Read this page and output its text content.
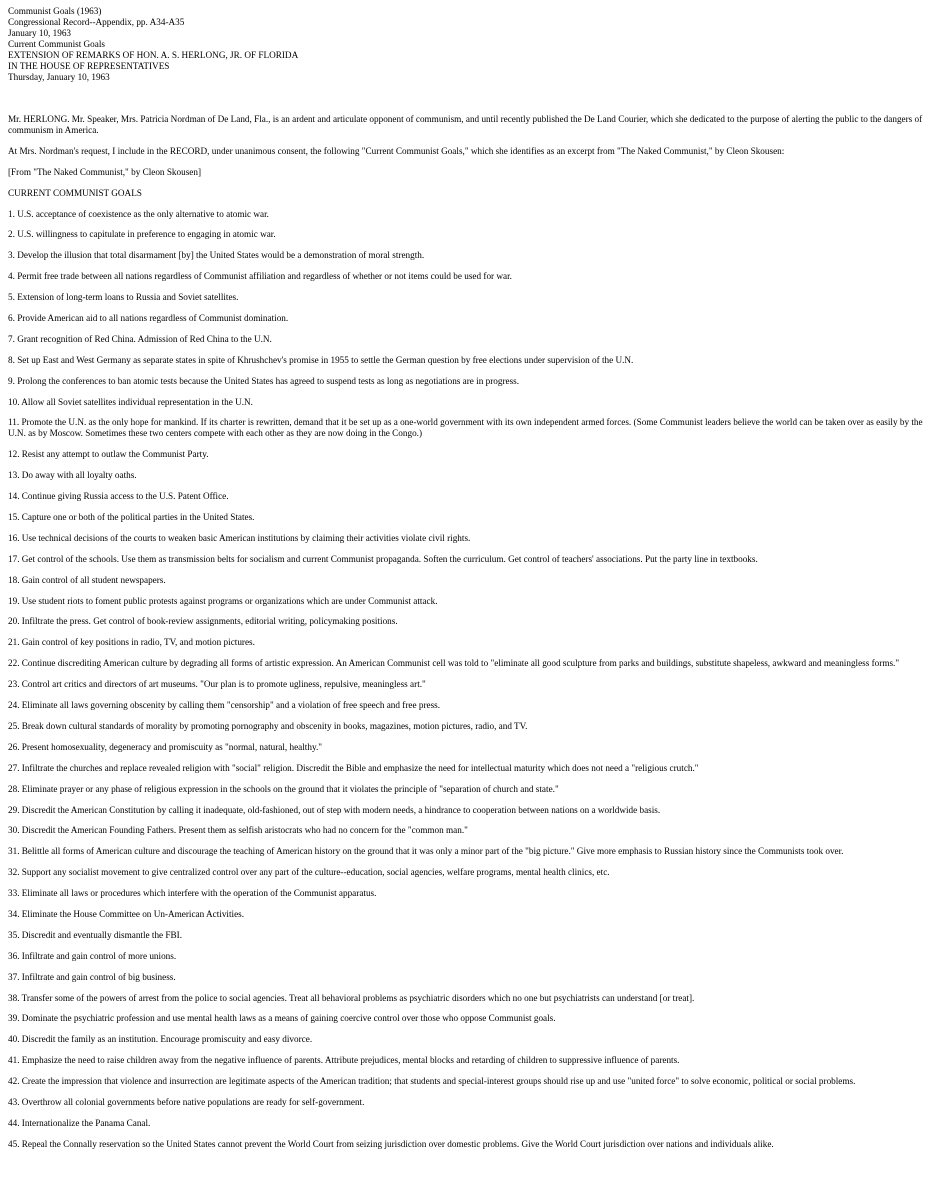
Communist Goals (1963)

Congressional Record--Appendix, pp. A34-A35

January 10, 1963

Current Communist Goals

EXTENSION OF REMARKS OF HON. A. S. HERLONG, JR. OF FLORIDA

IN THE HOUSE OF REPRESENTATIVES

Thursday, January 10, 1963

Mr. HERLONG. Mr. Speaker, Mrs. Patricia Nordman of De Land, Fla., is an ardent and articulate opponent of communism, and until recently published the De Land Courier, which she dedicated to the purpose of alerting the public to the dangers of communism in America.

At Mrs. Nordman's request, I include in the RECORD, under unanimous consent, the following "Current Communist Goals," which she identifies as an excerpt from "The Naked Communist," by Cleon Skousen:

[From "The Naked Communist," by Cleon Skousen]

CURRENT COMMUNIST GOALS

1. U.S. acceptance of coexistence as the only alternative to atomic war.
2. U.S. willingness to capitulate in preference to engaging in atomic war.
3. Develop the illusion that total disarmament [by] the United States would be a demonstration of moral strength.
4. Permit free trade between all nations regardless of Communist affiliation and regardless of whether or not items could be used for war.
5. Extension of long-term loans to Russia and Soviet satellites.
6. Provide American aid to all nations regardless of Communist domination.
7. Grant recognition of Red China. Admission of Red China to the U.N.
8. Set up East and West Germany as separate states in spite of Khrushchev's promise in 1955 to settle the German question by free elections under supervision of the U.N.
9. Prolong the conferences to ban atomic tests because the United States has agreed to suspend tests as long as negotiations are in progress.
10. Allow all Soviet satellites individual representation in the U.N.
11. Promote the U.N. as the only hope for mankind. If its charter is rewritten, demand that it be set up as a one-world government with its own independent armed forces. (Some Communist leaders believe the world can be taken over as easily by the U.N. as by Moscow. Sometimes these two centers compete with each other as they are now doing in the Congo.)
12. Resist any attempt to outlaw the Communist Party.
13. Do away with all loyalty oaths.
14. Continue giving Russia access to the U.S. Patent Office.
15. Capture one or both of the political parties in the United States.
16. Use technical decisions of the courts to weaken basic American institutions by claiming their activities violate civil rights.
17. Get control of the schools. Use them as transmission belts for socialism and current Communist propaganda. Soften the curriculum. Get control of teachers' associations. Put the party line in textbooks.
18. Gain control of all student newspapers.
19. Use student riots to foment public protests against programs or organizations which are under Communist attack.
20. Infiltrate the press. Get control of book-review assignments, editorial writing, policymaking positions.
21. Gain control of key positions in radio, TV, and motion pictures.
22. Continue discrediting American culture by degrading all forms of artistic expression. An American Communist cell was told to "eliminate all good sculpture from parks and buildings, substitute shapeless, awkward and meaningless forms."
23. Control art critics and directors of art museums. "Our plan is to promote ugliness, repulsive, meaningless art."
24. Eliminate all laws governing obscenity by calling them "censorship" and a violation of free speech and free press.
25. Break down cultural standards of morality by promoting pornography and obscenity in books, magazines, motion pictures, radio, and TV.
26. Present homosexuality, degeneracy and promiscuity as "normal, natural, healthy."
27. Infiltrate the churches and replace revealed religion with "social" religion. Discredit the Bible and emphasize the need for intellectual maturity which does not need a "religious crutch."
28. Eliminate prayer or any phase of religious expression in the schools on the ground that it violates the principle of "separation of church and state."
29. Discredit the American Constitution by calling it inadequate, old-fashioned, out of step with modern needs, a hindrance to cooperation between nations on a worldwide basis.
30. Discredit the American Founding Fathers. Present them as selfish aristocrats who had no concern for the "common man."
31. Belittle all forms of American culture and discourage the teaching of American history on the ground that it was only a minor part of the "big picture." Give more emphasis to Russian history since the Communists took over.
32. Support any socialist movement to give centralized control over any part of the culture--education, social agencies, welfare programs, mental health clinics, etc.
33. Eliminate all laws or procedures which interfere with the operation of the Communist apparatus.
34. Eliminate the House Committee on Un-American Activities.
35. Discredit and eventually dismantle the FBI.
36. Infiltrate and gain control of more unions.
37. Infiltrate and gain control of big business.
38. Transfer some of the powers of arrest from the police to social agencies. Treat all behavioral problems as psychiatric disorders which no one but psychiatrists can understand [or treat].
39. Dominate the psychiatric profession and use mental health laws as a means of gaining coercive control over those who oppose Communist goals.
40. Discredit the family as an institution. Encourage promiscuity and easy divorce.
41. Emphasize the need to raise children away from the negative influence of parents. Attribute prejudices, mental blocks and retarding of children to suppressive influence of parents.
42. Create the impression that violence and insurrection are legitimate aspects of the American tradition; that students and special-interest groups should rise up and use "united force" to solve economic, political or social problems.
43. Overthrow all colonial governments before native populations are ready for self-government.
44. Internationalize the Panama Canal.
45. Repeal the Connally reservation so the United States cannot prevent the World Court from seizing jurisdiction over domestic problems. Give the World Court jurisdiction over nations and individuals alike.
